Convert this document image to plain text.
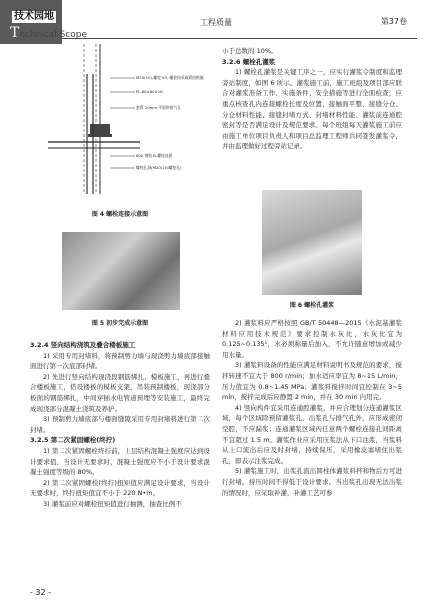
技术园地
Technical Scope
工程质量	第37卷
M20(10)-螺栓 K3, 螺栓间采取紧固措施
PL-80×80×16
套管 10mm 平面带排气孔
600 钢筋 B-螺栓连接
螺栓孔洞(M20(10)螺栓孔)
图 4 螺栓连接示意图
图 5 初步完成示意图

3.2.4 竖向结构浇筑及叠合楼板施工

1) 采用专用封堵料，将预制剪力墙与现浇剪力墙底部接触面进行第一次底部封堵。

2) 先进行竖向结构现浇段钢筋绑扎、模板施工，再进行叠合楼板施工，搭设楼板的模板支架，吊装预制楼板，现浇部分板面的钢筋绑扎，中间穿插水电管道预埋等安装施工，最终完成现浇部分混凝土浇筑及养护。

3) 预制剪力墙底部与楼面缝隙采用专用封堵料进行第二次封堵。

3.2.5 第二次紧固螺栓(终拧)

1) 第二次紧固螺栓终拧前，上层结构混凝土强度应达到设计要求值，当设计无要求时，混凝土强度应不小于设计要求混凝土强度等级的 80%。

2) 第二次紧固螺栓(终拧)扭矩值应满足设计要求，当设计无要求时，终拧扭矩值宜不小于 220 N•m。

3) 灌浆前应对螺栓扭矩值进行抽测，抽查比例不

小于总数的 10%。

3.2.6 螺栓孔灌浆

1) 螺栓孔灌浆是关键工序之一，应实行灌浆令制度和监理旁站制度，如图 6 所示。灌浆施工前，施工班组及项目部应联合对灌浆准备工作、实施条件、安全措施等进行全面检查，应重点核查孔内连接螺栓长度及位置、接触面平整、接缝分仓、分仓材料性能、接缝封堵方式、封堵材料性能、灌浆前连通腔密封等是否满足设计及规范要求。每个班组每天灌浆施工前应由施工单位项目负责人和项目总监理工程师共同签发灌浆令，并由监理做好过程旁站记录。

图 6 螺栓孔灌浆

2) 灌浆料应严格按照 GB/T 50448—2015《水泥基灌浆材料应用技术规范》要求控制水灰比，水灰比宜为 0.125~0.135¹，水必须称量后加入，不允许随意增加或减少用水量。

3) 灌浆料设备的性能应满足材料说明书及规范的要求，搅拌转速不宜大于 800 r/min；加水适应率宜为 8~15 L/min，压力值宜为 0.8~1.45 MPa；灌浆料搅拌时间宜控制在 3~5 min，搅拌完成后应静置 2 min，并在 30 min 内用完。

4) 竖向构件宜采用连通腔灌浆，并应合理划分连通灌浆区域，每个区域除预留灌浆孔、出浆孔与排气孔外，应形成密闭空腔，不应漏浆；连通灌浆区域内任意两个螺栓连接孔间距离不宜超过 1.5 m。灌浆作业应采用压浆法从下口注浆，当浆料从上口流出后应及时封堵，持续保压，采用橡皮塞堵住出浆孔，即表示注浆完成。

5) 灌浆施工时，出浆孔流出圆柱体灌浆料拌和物后方可进行封堵。持压时间不得低于设计要求。当出浆孔出现无法出浆的情况时，应采取补灌，补灌工艺可参

- 32 -
